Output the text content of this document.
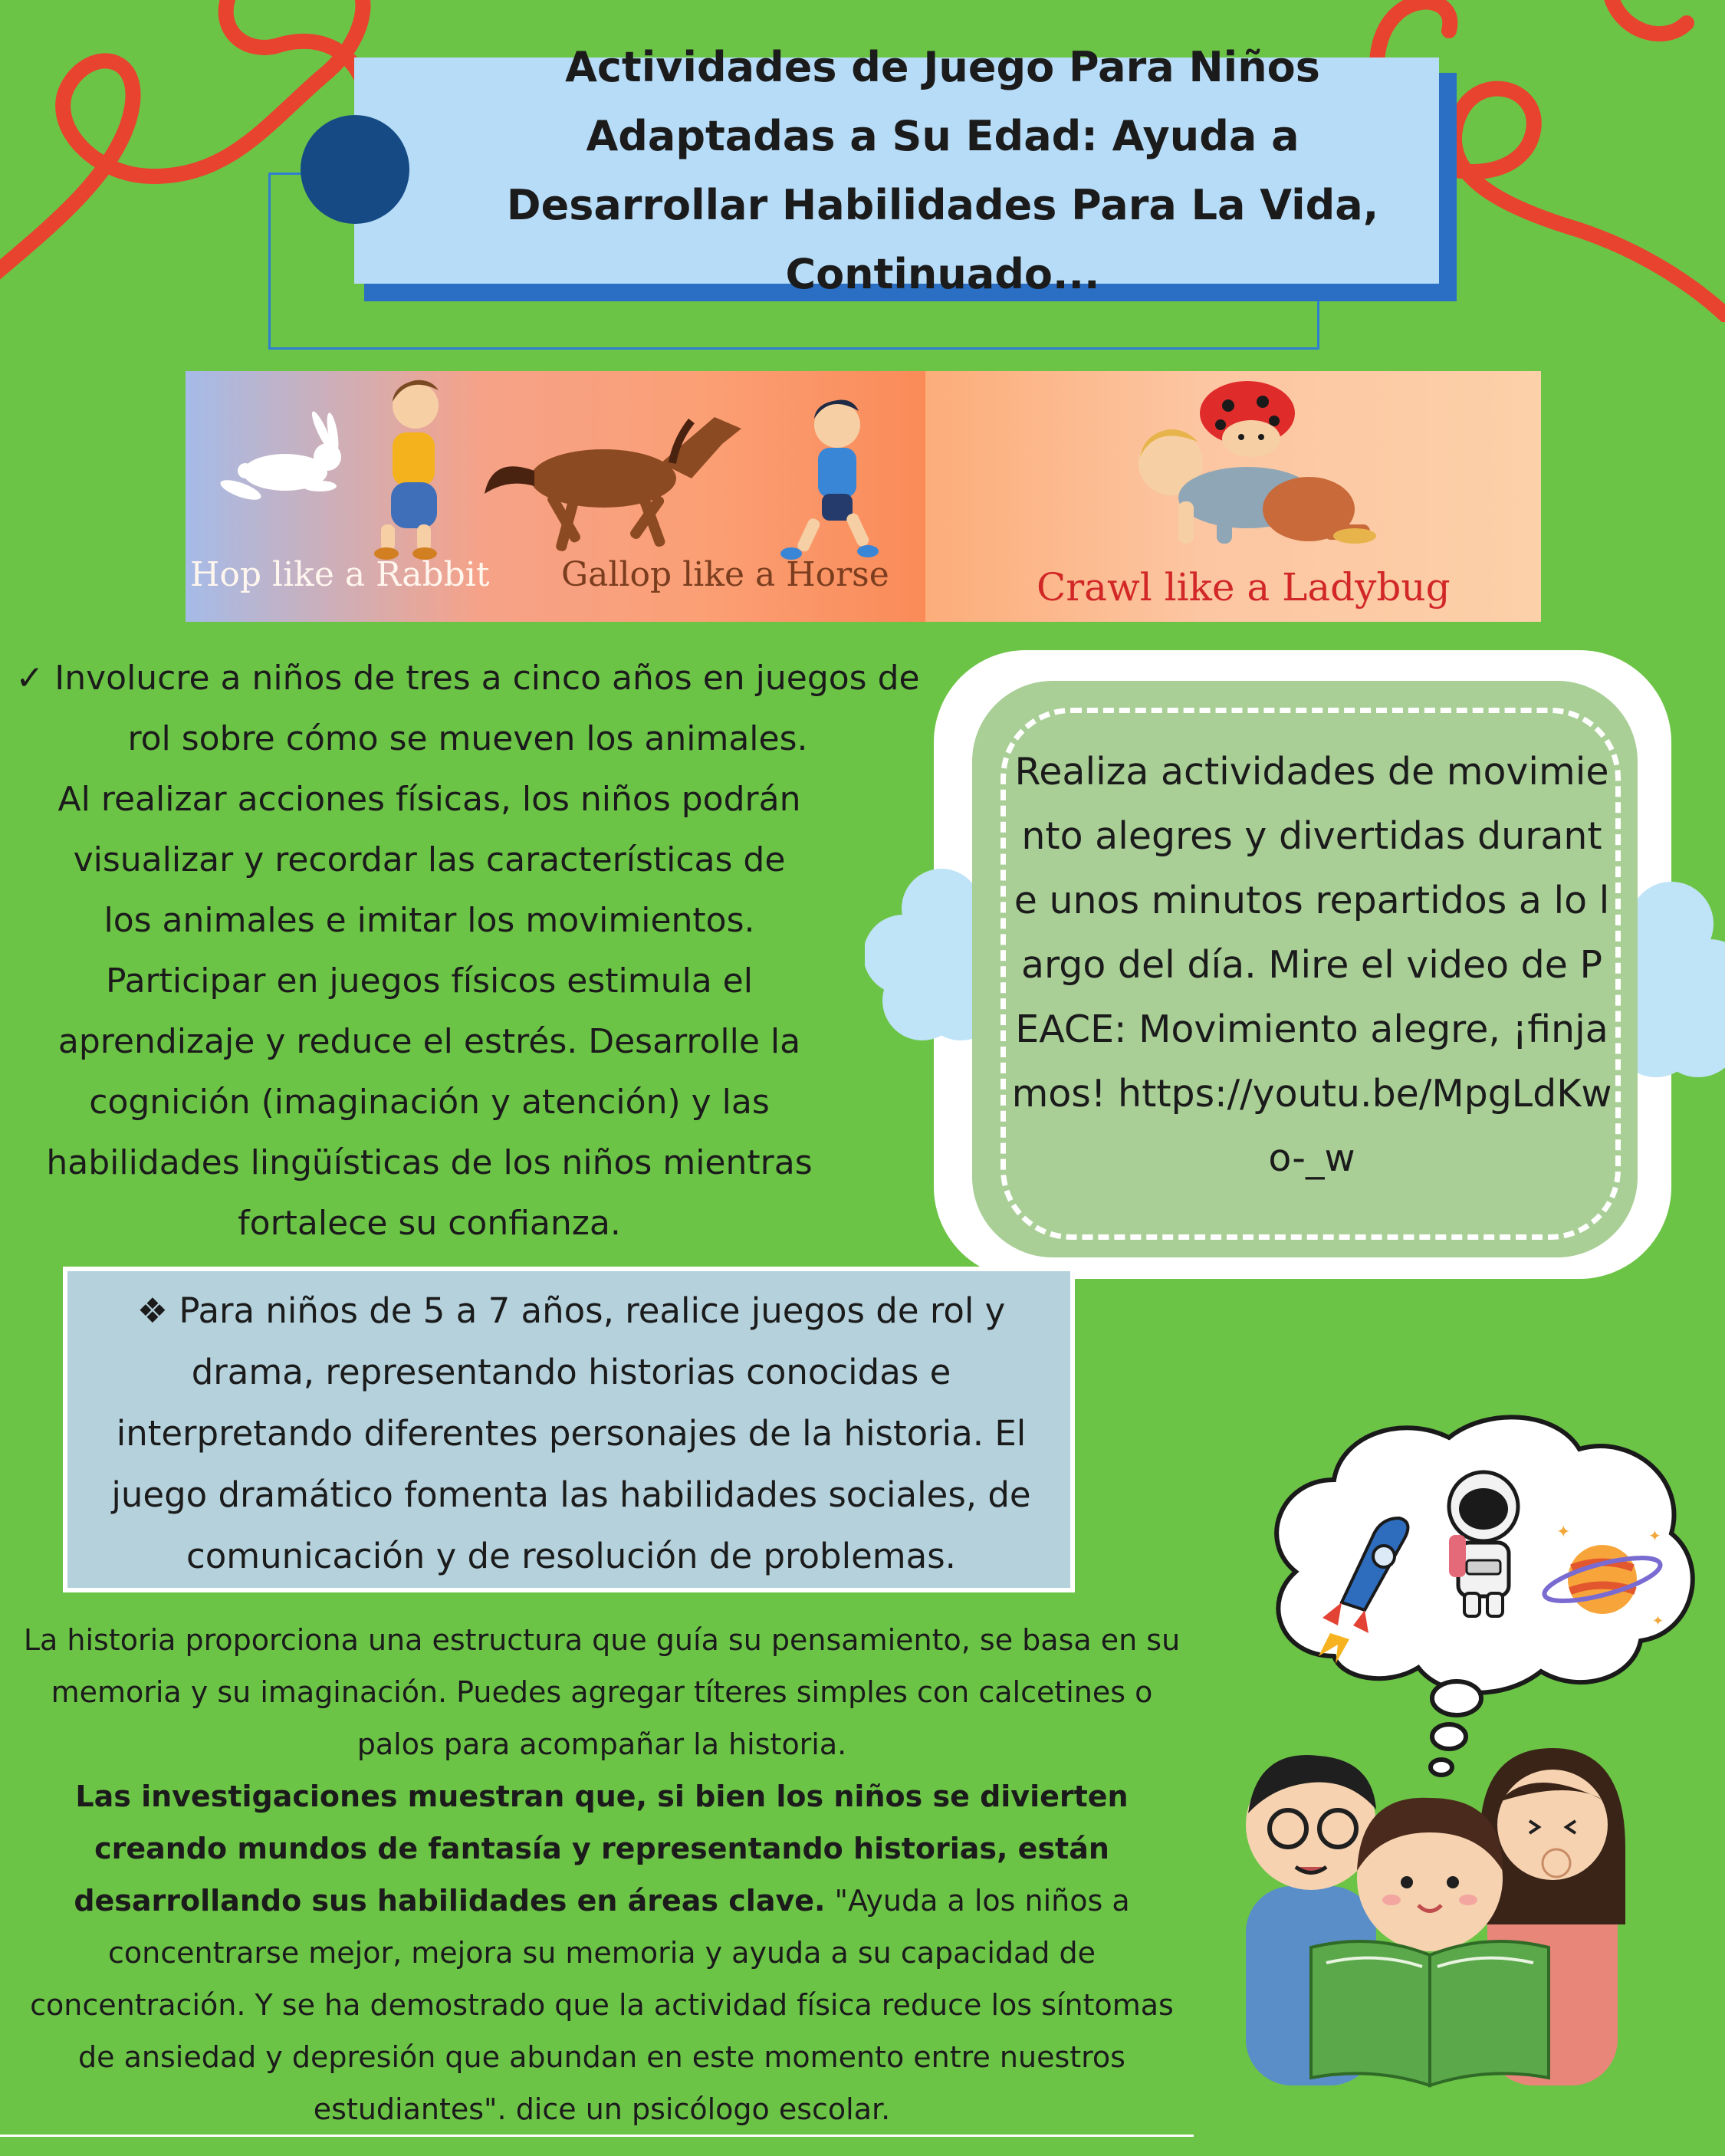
Actividades de Juego Para Niños Adaptadas a Su Edad: Ayuda a Desarrollar Habilidades Para La Vida, Continuado...
Hop like a Rabbit Gallop like a Horse	Crawl like a Ladybug

✓ Involucre a niños de tres a cinco años en juegos de rol sobre cómo se mueven los animales.

Al realizar acciones físicas, los niños podrán visualizar y recordar las características de los animales e imitar los movimientos. Participar en juegos físicos estimula el aprendizaje y reduce el estrés. Desarrolle la cognición (imaginación y atención) y las habilidades lingüísticas de los niños mientras fortalece su confianza.

Realiza actividades de movimiento alegres y divertidas durante unos minutos repartidos a lo largo del día. Mire el video de PEACE: Movimiento alegre, ¡finjamos! https://youtu.be/MpgLdKwo-_w
❖ Para niños de 5 a 7 años, realice juegos de rol y drama, representando historias conocidas e interpretando diferentes personajes de la historia. El juego dramático fomenta las habilidades sociales, de comunicación y de resolución de problemas.

La historia proporciona una estructura que guía su pensamiento, se basa en su memoria y su imaginación. Puedes agregar títeres simples con calcetines o palos para acompañar la historia.

Las investigaciones muestran que, si bien los niños se divierten creando mundos de fantasía y representando historias, están desarrollando sus habilidades en áreas clave. "Ayuda a los niños a concentrarse mejor, mejora su memoria y ayuda a su capacidad de concentración. Y se ha demostrado que la actividad física reduce los síntomas de ansiedad y depresión que abundan en este momento entre nuestros estudiantes". dice un psicólogo escolar.

✦	✦
✦
